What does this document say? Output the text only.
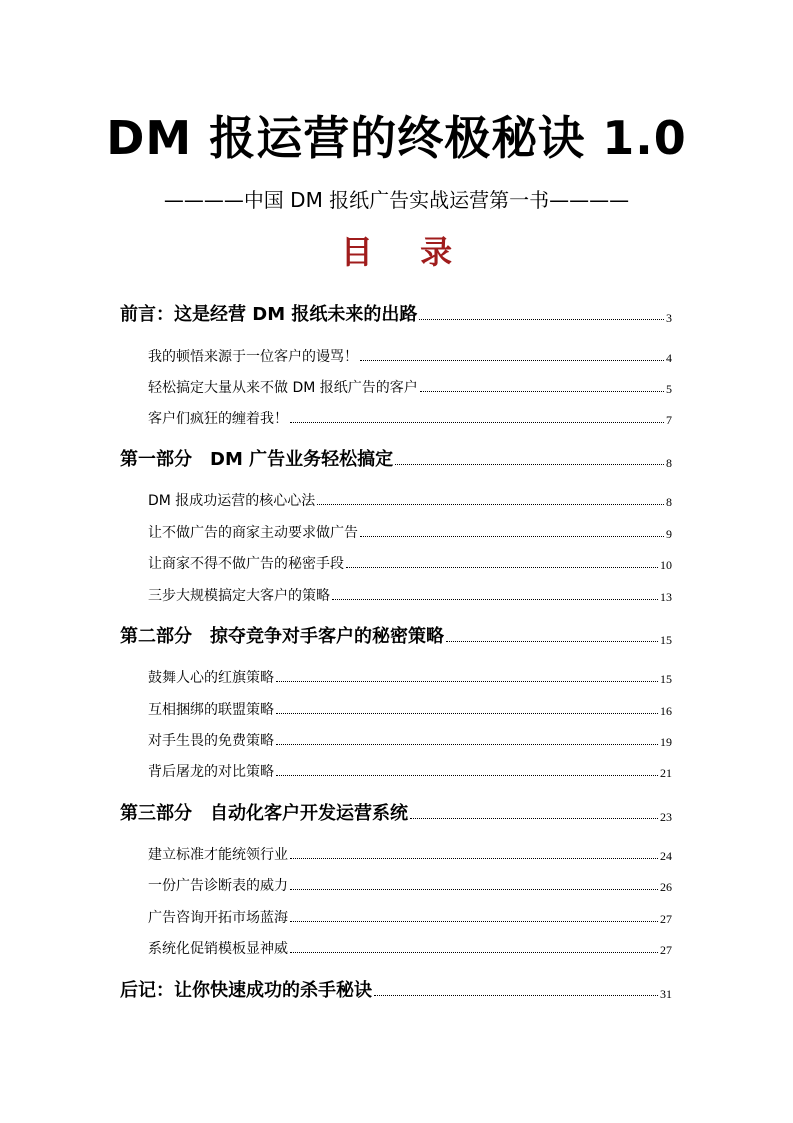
DM 报运营的终极秘诀 1.0
————中国 DM 报纸广告实战运营第一书————
目 录
前言：这是经营 DM 报纸未来的出路	3
我的顿悟来源于一位客户的谩骂！	4
轻松搞定大量从来不做 DM 报纸广告的客户	5
客户们疯狂的缠着我！	7
第一部分　DM 广告业务轻松搞定	8
DM 报成功运营的核心心法	8
让不做广告的商家主动要求做广告	9
让商家不得不做广告的秘密手段	10
三步大规模搞定大客户的策略	13
第二部分　掠夺竞争对手客户的秘密策略	15
鼓舞人心的红旗策略	15
互相捆绑的联盟策略	16
对手生畏的免费策略	19
背后屠龙的对比策略	21
第三部分　自动化客户开发运营系统	23
建立标准才能统领行业	24
一份广告诊断表的威力	26
广告咨询开拓市场蓝海	27
系统化促销模板显神威	27
后记：让你快速成功的杀手秘诀	31
